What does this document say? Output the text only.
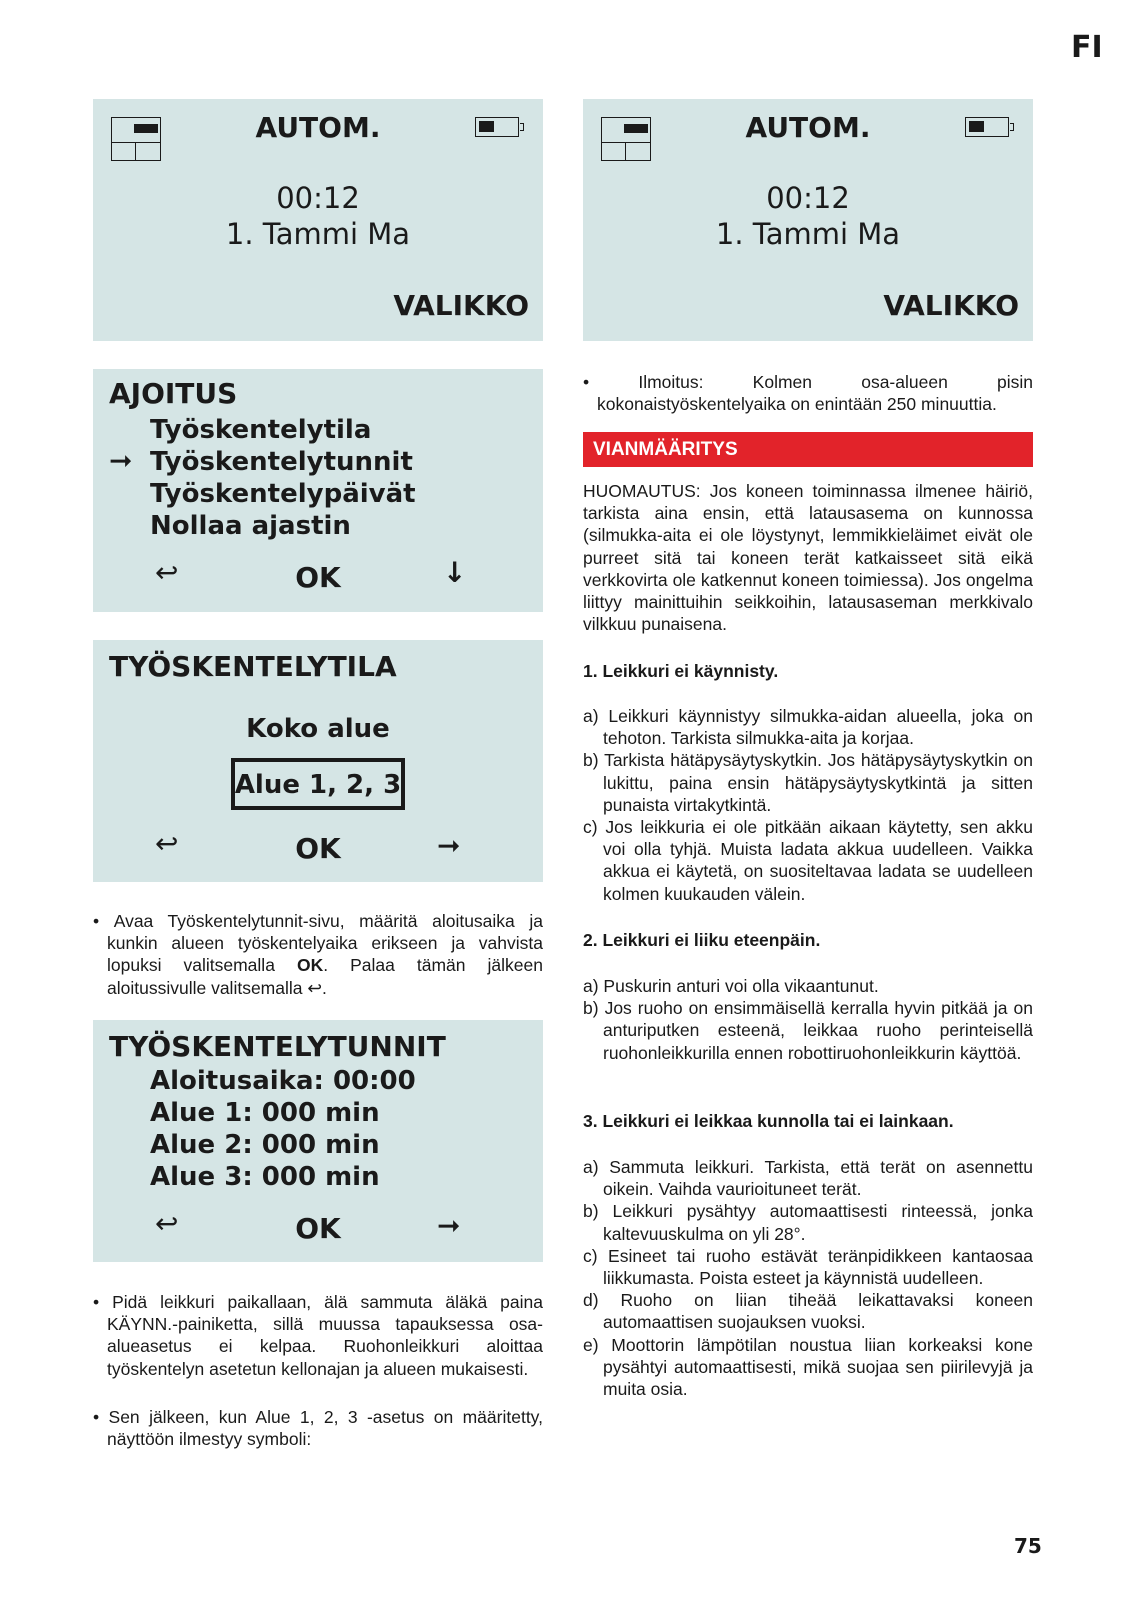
FI
AUTOM.
00:12
1. Tammi Ma
VALIKKO
AUTOM.
00:12
1. Tammi Ma
VALIKKO
AJOITUS
Työskentelytila
➞ Työskentelytunnit
Työskentelypäivät
Nollaa ajastin
↩	OK	↓
TYÖSKENTELYTILA
Koko alue
Alue 1, 2, 3
↩	OK	➞

• Avaa Työskentelytunnit-sivu, määritä aloitusaika ja kunkin alueen työskentelyaika erikseen ja vahvista lopuksi valitsemalla OK. Palaa tämän jälkeen aloitussivulle valitsemalla ↩.

TYÖSKENTELYTUNNIT
Aloitusaika: 00:00
Alue 1: 000 min
Alue 2: 000 min
Alue 3: 000 min
↩	OK	➞

• Pidä leikkuri paikallaan, älä sammuta äläkä paina KÄYNN.-painiketta, sillä muussa tapauksessa osa-alueasetus ei kelpaa. Ruohonleikkuri aloittaa työskentelyn asetetun kellonajan ja alueen mukaisesti.

• Sen jälkeen, kun Alue 1, 2, 3 -asetus on määritetty, näyttöön ilmestyy symboli:

• Ilmoitus: Kolmen osa-alueen pisin kokonaistyöskentelyaika on enintään 250 minuuttia.

VIANMÄÄRITYS

HUOMAUTUS: Jos koneen toiminnassa ilmenee häiriö, tarkista aina ensin, että latausasema on kunnossa (silmukka-aita ei ole löystynyt, lemmikkieläimet eivät ole purreet sitä tai koneen terät katkaisseet sitä eikä verkkovirta ole katkennut koneen toimiessa). Jos ongelma liittyy mainittuihin seikkoihin, latausaseman merkkivalo vilkkuu punaisena.

1. Leikkuri ei käynnisty.

a) Leikkuri käynnistyy silmukka-aidan alueella, joka on tehoton. Tarkista silmukka-aita ja korjaa.

b) Tarkista hätäpysäytyskytkin. Jos hätäpysäytyskytkin on lukittu, paina ensin hätäpysäytyskytkintä ja sitten punaista virtakytkintä.

c) Jos leikkuria ei ole pitkään aikaan käytetty, sen akku voi olla tyhjä. Muista ladata akkua uudelleen. Vaikka akkua ei käytetä, on suositeltavaa ladata se uudelleen kolmen kuukauden välein.

2. Leikkuri ei liiku eteenpäin.

a) Puskurin anturi voi olla vikaantunut.

b) Jos ruoho on ensimmäisellä kerralla hyvin pitkää ja on anturiputken esteenä, leikkaa ruoho perinteisellä ruohonleikkurilla ennen robottiruohonleikkurin käyttöä.

3. Leikkuri ei leikkaa kunnolla tai ei lainkaan.

a) Sammuta leikkuri. Tarkista, että terät on asennettu oikein. Vaihda vaurioituneet terät.

b) Leikkuri pysähtyy automaattisesti rinteessä, jonka kaltevuuskulma on yli 28°.

c) Esineet tai ruoho estävät teränpidikkeen kantaosaa liikkumasta. Poista esteet ja käynnistä uudelleen.

d) Ruoho on liian tiheää leikattavaksi koneen automaattisen suojauksen vuoksi.

e) Moottorin lämpötilan noustua liian korkeaksi kone pysähtyi automaattisesti, mikä suojaa sen piirilevyjä ja muita osia.

75
